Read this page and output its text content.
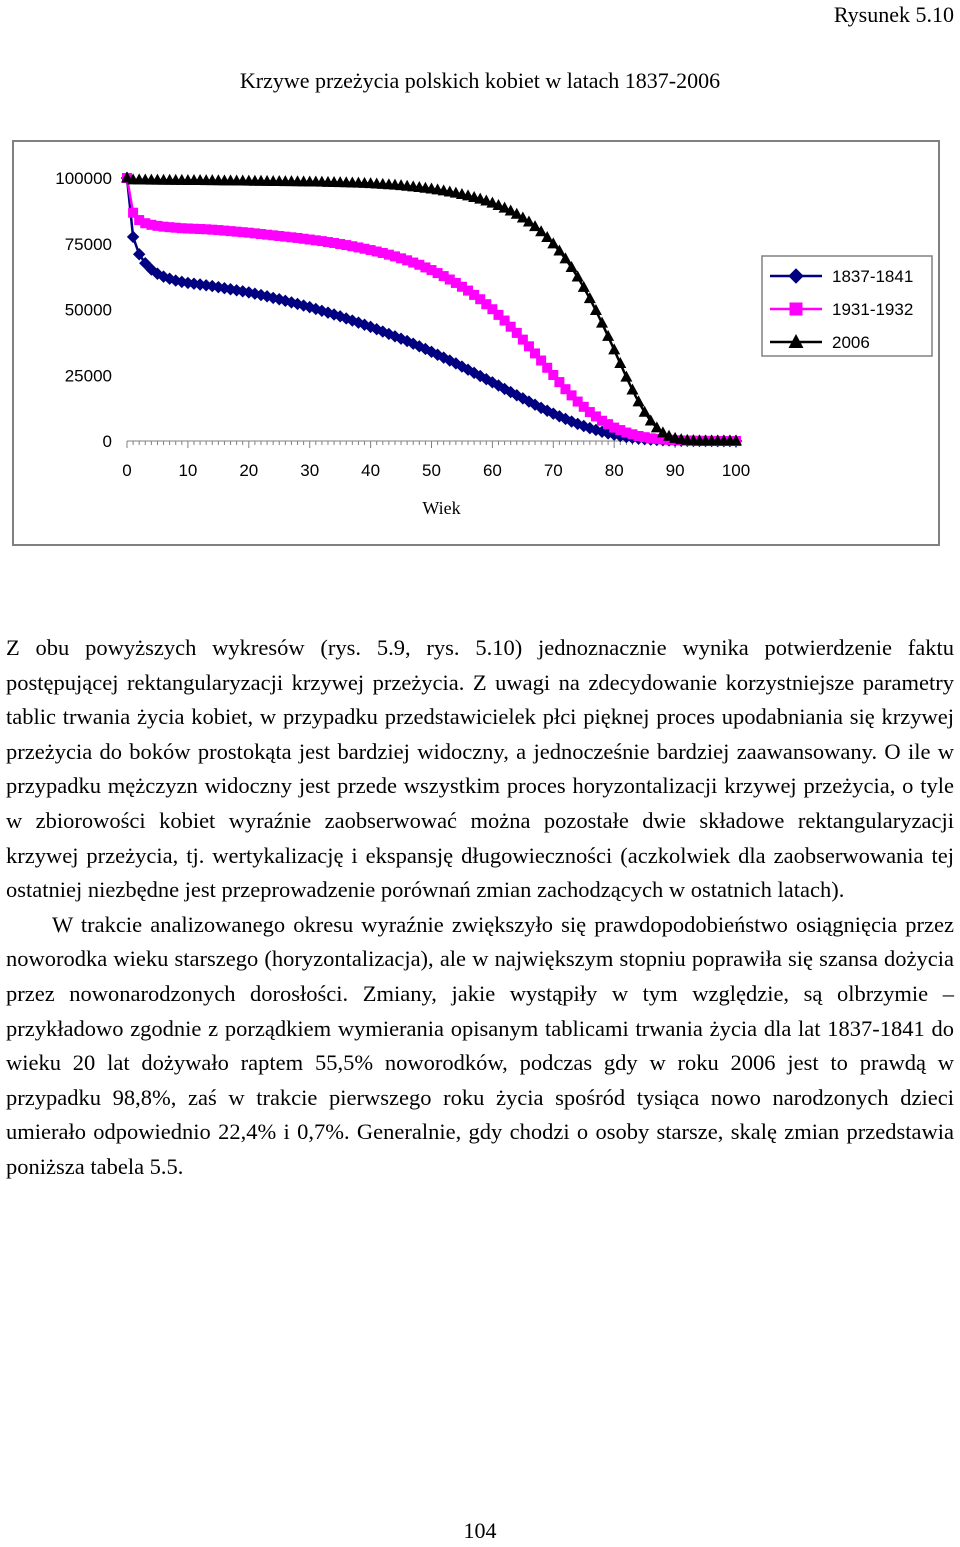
Rysunek 5.10
Krzywe przeżycia polskich kobiet w latach 1837-2006
0	10 20 30 40 50 60 70 80 90 100
0
25000
50000
75000
100000
Wiek
1837-1841
1931-1932
2006

Z obu powyższych wykresów (rys. 5.9, rys. 5.10) jednoznacznie wynika potwierdzenie faktu postępującej rektangularyzacji krzywej przeżycia. Z uwagi na zdecydowanie korzystniejsze parametry tablic trwania życia kobiet, w przypadku przedstawicielek płci pięknej proces upodabniania się krzywej przeżycia do boków prostokąta jest bardziej widoczny, a jednocześnie bardziej zaawansowany. O ile w przypadku mężczyzn widoczny jest przede wszystkim proces horyzontalizacji krzywej przeżycia, o tyle w zbiorowości kobiet wyraźnie zaobserwować można pozostałe dwie składowe rektangularyzacji krzywej przeżycia, tj. wertykalizację i ekspansję długowieczności (aczkolwiek dla zaobserwowania tej ostatniej niezbędne jest przeprowadzenie porównań zmian zachodzących w ostatnich latach).

W trakcie analizowanego okresu wyraźnie zwiększyło się prawdopodobieństwo osiągnięcia przez noworodka wieku starszego (horyzontalizacja), ale w największym stopniu poprawiła się szansa dożycia przez nowonarodzonych dorosłości. Zmiany, jakie wystąpiły w tym względzie, są olbrzymie – przykładowo zgodnie z porządkiem wymierania opisanym tablicami trwania życia dla lat 1837-1841 do wieku 20 lat dożywało raptem 55,5% noworodków, podczas gdy w roku 2006 jest to prawdą w przypadku 98,8%, zaś w trakcie pierwszego roku życia spośród tysiąca nowo narodzonych dzieci umierało odpowiednio 22,4% i 0,7%. Generalnie, gdy chodzi o osoby starsze, skalę zmian przedstawia poniższa tabela 5.5.

104
